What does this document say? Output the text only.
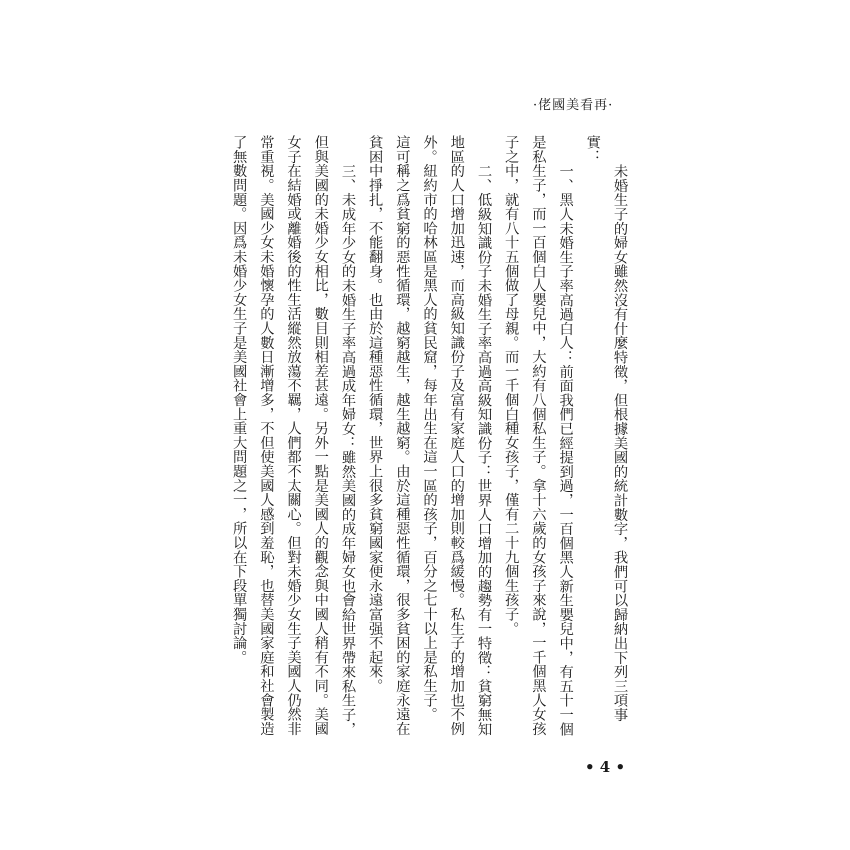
·再看美國佬·
未婚生子的婦女雖然沒有什麼特徵，但根據美國的統計數字，我們可以歸納出下列三項事
實：
一、黑人未婚生子率高過白人：前面我們已經提到過，一百個黑人新生嬰兒中，有五十一個
是私生子，而一百個白人嬰兒中，大約有八個私生子。拿十六歲的女孩子來說，一千個黑人女孩
子之中，就有八十五個做了母親。而一千個白種女孩子，僅有二十九個生孩子。
二、低級知識份子未婚生子率高過高級知識份子：世界人口增加的趨勢有一特徵：貧窮無知
地區的人口增加迅速，而高級知識份子及富有家庭人口的增加則較爲緩慢。私生子的增加也不例
外。紐約市的哈林區是黑人的貧民窟，每年出生在這一區的孩子，百分之七十以上是私生子。
這可稱之爲貧窮的惡性循環，越窮越生，越生越窮。由於這種惡性循環，很多貧困的家庭永遠在
貧困中掙扎，不能翻身。也由於這種惡性循環，世界上很多貧窮國家便永遠富强不起來。
三、未成年少女的未婚生子率高過成年婦女：雖然美國的成年婦女也會給世界帶來私生子，
但與美國的未婚少女相比，數目則相差甚遠。另外一點是美國人的觀念與中國人稍有不同。美國
女子在結婚或離婚後的性生活縱然放蕩不羈，人們都不太關心。但對未婚少女生子美國人仍然非
常重視。美國少女未婚懷孕的人數日漸增多，不但使美國人感到羞恥，也替美國家庭和社會製造
了無數問題。因爲未婚少女生子是美國社會上重大問題之一，所以在下段單獨討論。
• 4 •
